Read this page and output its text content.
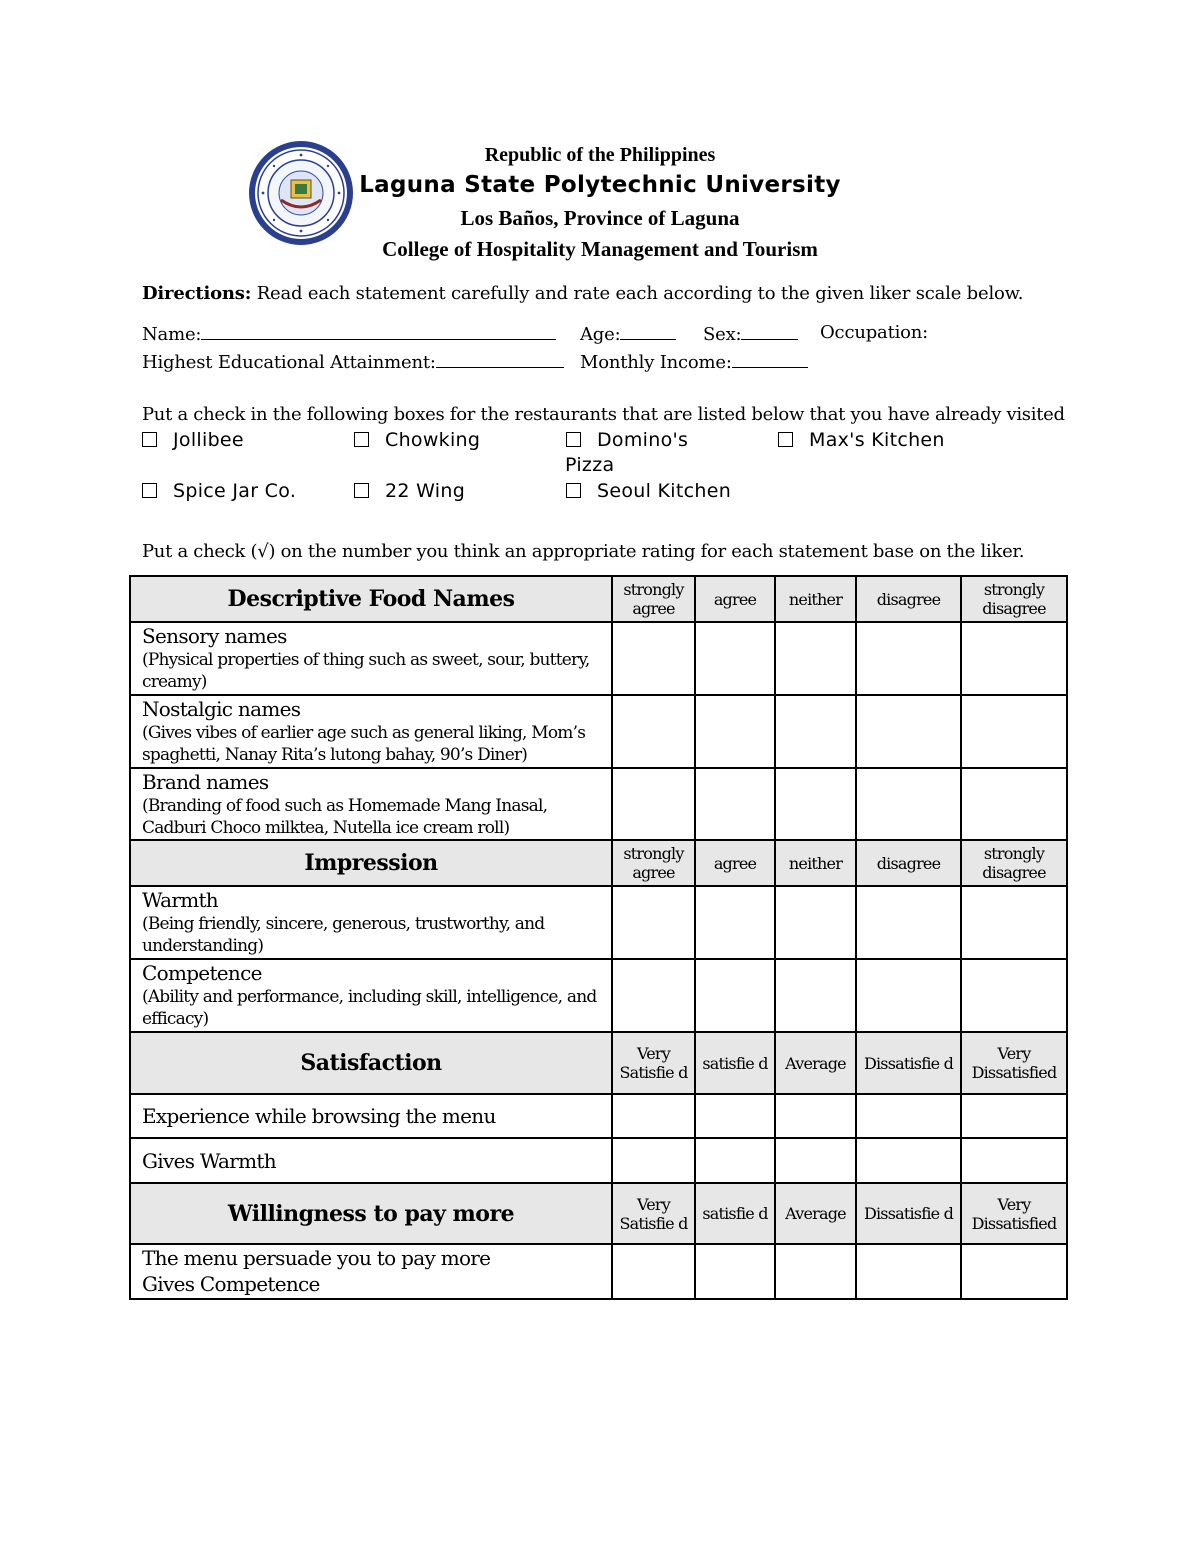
Republic of the Philippines
Laguna State Polytechnic University
Los Baños, Province of Laguna
College of Hospitality Management and Tourism
Directions: Read each statement carefully and rate each according to the given liker scale below.
Name:	Age:	Sex:	Occupation:
Highest Educational Attainment:	Monthly Income:
Put a check in the following boxes for the restaurants that are listed below that you have already visited
Jollibee	Chowking	Domino's
Pizza
Max's Kitchen
Spice Jar Co.	22 Wing	Seoul Kitchen
Put a check (√) on the number you think an appropriate rating for each statement base on the liker.
Descriptive Food Names	strongly agree	agree	neither	disagree	strongly disagree

Sensory names
(Physical properties of thing such as sweet, sour, buttery, creamy)					

Nostalgic names
(Gives vibes of earlier age such as general liking, Mom’s spaghetti, Nanay Rita’s lutong bahay, 90’s Diner)					

Brand names
(Branding of food such as Homemade Mang Inasal, Cadburi Choco milktea, Nutella ice cream roll)					

Impression	strongly agree	agree	neither	disagree	strongly disagree

Warmth
(Being friendly, sincere, generous, trustworthy, and understanding)					

Competence
(Ability and performance, including skill, intelligence, and efficacy)					

Satisfaction	Very Satisfie d	satisfie d	Average	Dissatisfie d	Very Dissatisfied

Experience while browsing the menu					

Gives Warmth					

Willingness to pay more	Very Satisfie d	satisfie d	Average	Dissatisfie d	Very Dissatisfied

The menu persuade you to pay more
Gives Competence					
